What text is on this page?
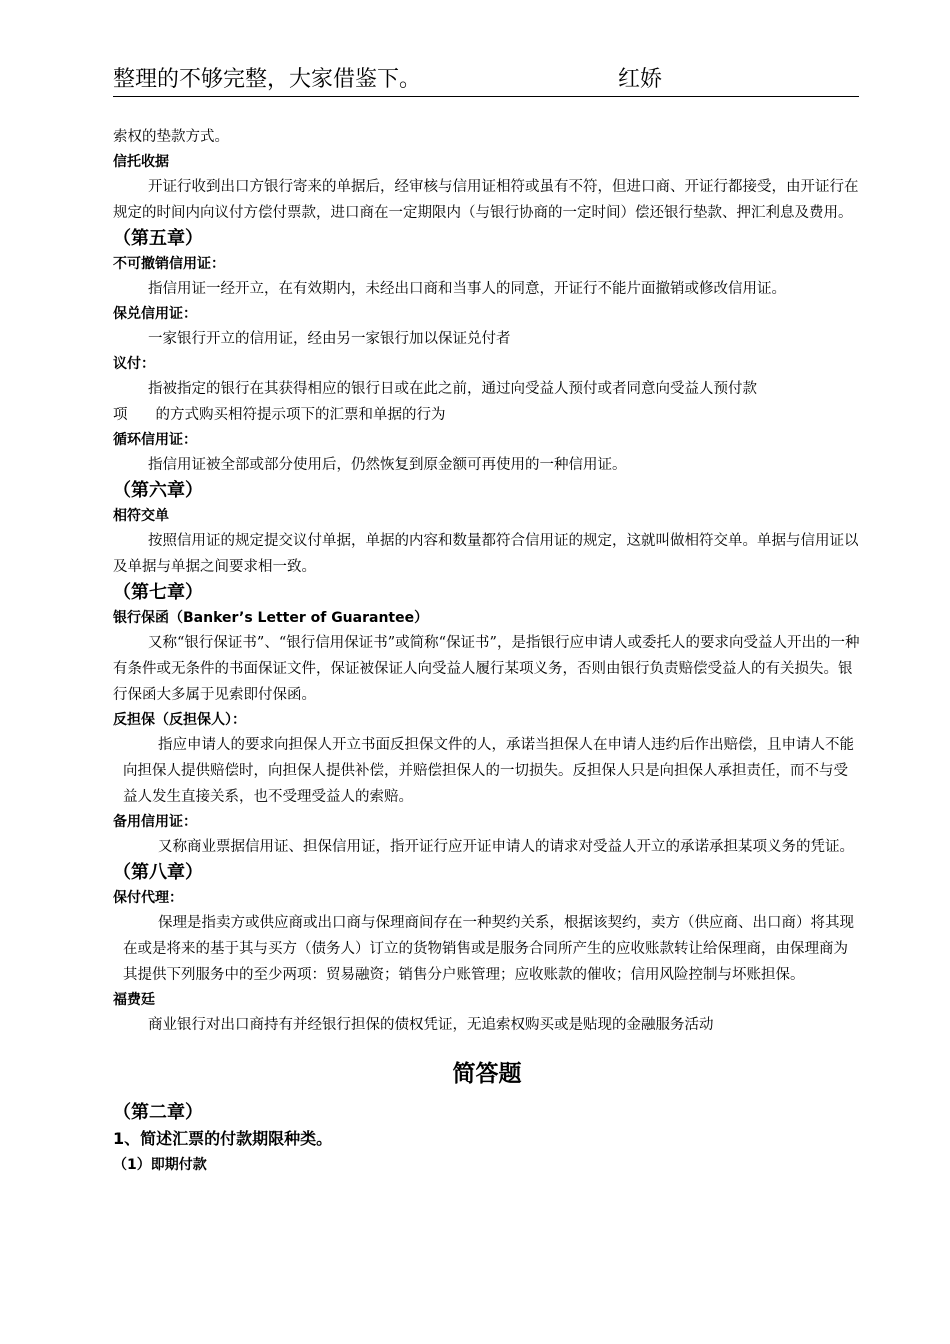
整理的不够完整，大家借鉴下。	红娇

索权的垫款方式。

信托收据

开证行收到出口方银行寄来的单据后，经审核与信用证相符或虽有不符，但进口商、开证行都接受，由开证行在规定的时间内向议付方偿付票款，进口商在一定期限内（与银行协商的一定时间）偿还银行垫款、押汇利息及费用。

（第五章）

不可撤销信用证：

指信用证一经开立，在有效期内，未经出口商和当事人的同意，开证行不能片面撤销或修改信用证。

保兑信用证：

一家银行开立的信用证，经由另一家银行加以保证兑付者

议付：

指被指定的银行在其获得相应的银行日或在此之前，通过向受益人预付或者同意向受益人预付款

项 的方式购买相符提示项下的汇票和单据的行为

循环信用证：

指信用证被全部或部分使用后，仍然恢复到原金额可再使用的一种信用证。

（第六章）

相符交单

按照信用证的规定提交议付单据，单据的内容和数量都符合信用证的规定，这就叫做相符交单。单据与信用证以及单据与单据之间要求相一致。

（第七章）

银行保函（Banker’s Letter of Guarantee）

又称“银行保证书”、“银行信用保证书”或简称“保证书”，是指银行应申请人或委托人的要求向受益人开出的一种有条件或无条件的书面保证文件，保证被保证人向受益人履行某项义务，否则由银行负责赔偿受益人的有关损失。银行保函大多属于见索即付保函。

反担保（反担保人）：

指应申请人的要求向担保人开立书面反担保文件的人，承诺当担保人在申请人违约后作出赔偿，且申请人不能向担保人提供赔偿时，向担保人提供补偿，并赔偿担保人的一切损失。反担保人只是向担保人承担责任，而不与受益人发生直接关系，也不受理受益人的索赔。

备用信用证：

又称商业票据信用证、担保信用证，指开证行应开证申请人的请求对受益人开立的承诺承担某项义务的凭证。

（第八章）

保付代理：

保理是指卖方或供应商或出口商与保理商间存在一种契约关系，根据该契约，卖方（供应商、出口商）将其现在或是将来的基于其与买方（债务人）订立的货物销售或是服务合同所产生的应收账款转让给保理商，由保理商为其提供下列服务中的至少两项：贸易融资；销售分户账管理；应收账款的催收；信用风险控制与坏账担保。

福费廷

商业银行对出口商持有并经银行担保的债权凭证，无追索权购买或是贴现的金融服务活动

简答题

（第二章）

1、简述汇票的付款期限种类。

（1）即期付款
